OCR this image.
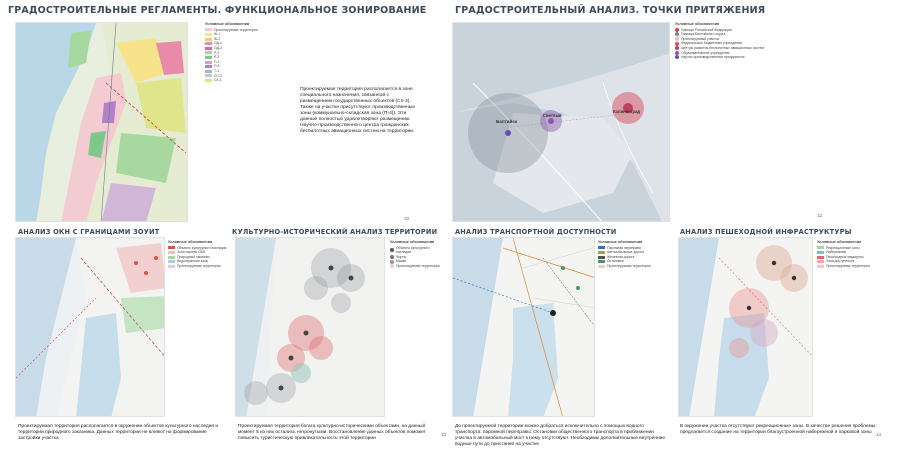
ГРАДОСТРОИТЕЛЬНЫЕ РЕГЛАМЕНТЫ. ФУНКЦИОНАЛЬНОЕ ЗОНИРОВАНИЕ	ГРАДОСТРОИТЕЛЬНЫЙ АНАЛИЗ. ТОЧКИ ПРИТЯЖЕНИЯ
АНАЛИЗ ОКН С ГРАНИЦАМИ ЗОУИТ	КУЛЬТУРНО-ИСТОРИЧЕСКИЙ АНАЛИЗ ТЕРРИТОРИИ	АНАЛИЗ ТРАНСПОРТНОЙ ДОСТУПНОСТИ	АНАЛИЗ ПЕШЕХОДНОЙ ИНФРАСТРУКТУРЫ
Условные обозначения
Проектируемая территория
Ж-1
Ж-2
ОД-1
ОД-2
Р-1
Р-2
П-1
П-4
Т-1
СП-3
СХ-1
Проектируемая территория располагается в зоне специального назначения, связанной с размещением государственных объектов (Сп-3). Также на участке присутствуют производственные зоны (коммунально-складская зона (П-4)). Эти данные полностью удовлетворяют размещению Научно-производственного центра гражданских беспилотных авиационных систем на территории.
10
Балтийск
Светлый
Калининград
Условные обозначения
Граница Российской Федерации
Граница Балтийского округа
Проектируемый участок
Федеральные бюджетные учреждения
Центры развития беспилотных авиационных систем
Образовательные учреждения
Научно-производственные предприятия
12
Условные обозначения
Объекты культурного наследия
Зона охраны ОКН
Природный заказник
Водоохранная зона
Проектируемая территория
Проектируемая территория располагается в окружении объектов культурного наследия и территории природного заказника. Данных территории не влияют на формирование застройки участка
Условные обозначения
Объекты культурного наследия
Форты
Маяки
Проектируемая территория
Проектируемая территория богата культурно-историческими объектами, на данный момент 5 из них остались нетронутыми. Восстановление данных объектов поможет повысить туристическую привлекательность этой территории
13
Условные обозначения
Паромная переправа
Автомобильные дороги
Железная дорога
Остановки
Проектируемая территория
До проектируемой территории можно добраться исключительно с помощью водного транспорта: паромной переправы. Остановки общественного транспорта в приближении участка в автомобильный мост к нему отсутствуют. Необходимы дополнительные внутренние водные пути до пристаней на участке
Условные обозначения
Рекреационные зоны
Набережные
Пешеходные маршруты
Зона доступности
Проектируемая территория
В окружении участка отсутствуют рекреационные зоны. В качестве решения проблемы предлагается создание на территории благоустроенной набережной и парковой зоны 14
